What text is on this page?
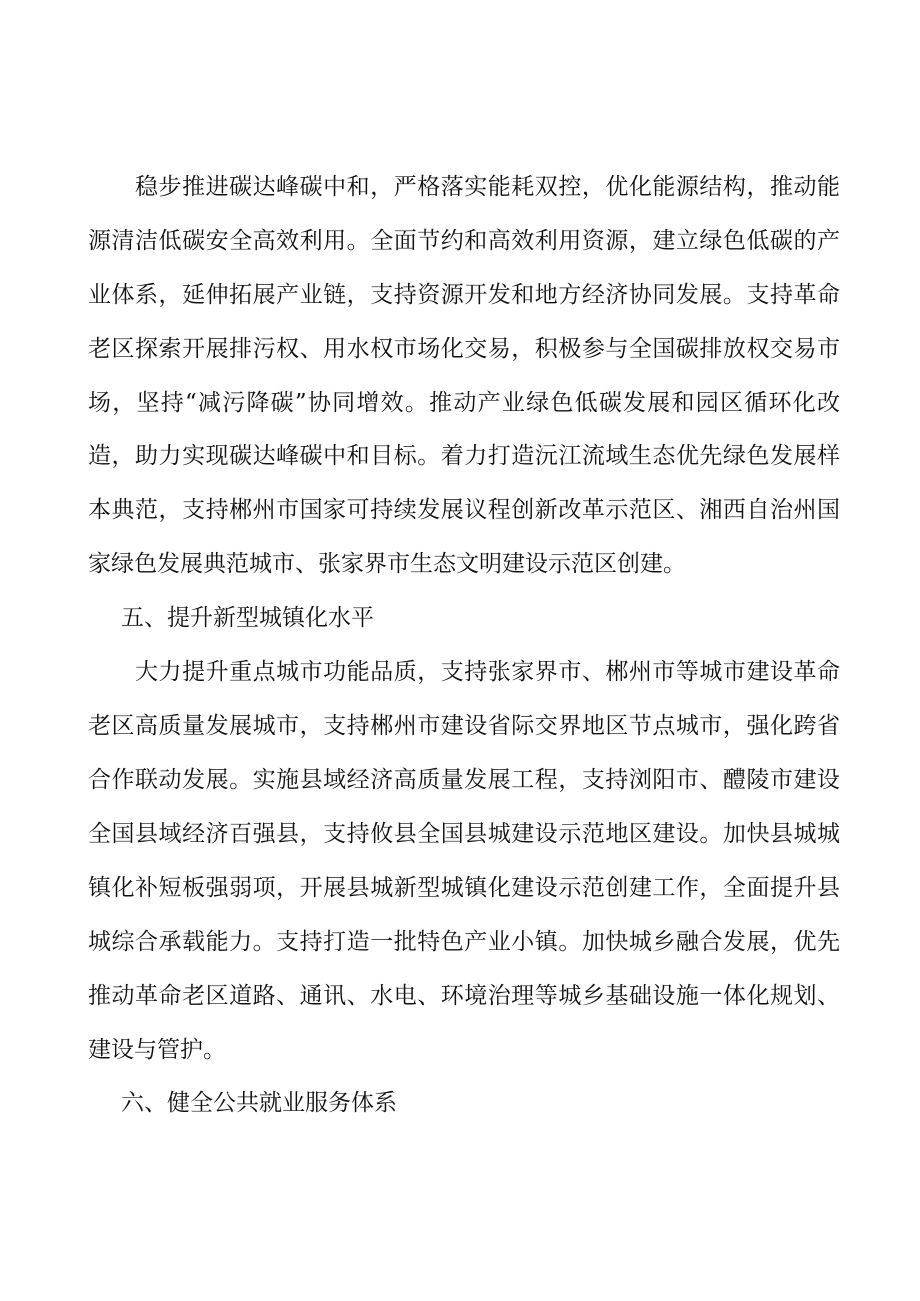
　　稳步推进碳达峰碳中和，严格落实能耗双控，优化能源结构，推动能
源清洁低碳安全高效利用。全面节约和高效利用资源，建立绿色低碳的产
业体系，延伸拓展产业链，支持资源开发和地方经济协同发展。支持革命
老区探索开展排污权、用水权市场化交易，积极参与全国碳排放权交易市
场，坚持“减污降碳”协同增效。推动产业绿色低碳发展和园区循环化改
造，助力实现碳达峰碳中和目标。着力打造沅江流域生态优先绿色发展样
本典范，支持郴州市国家可持续发展议程创新改革示范区、湘西自治州国
家绿色发展典范城市、张家界市生态文明建设示范区创建。
五、提升新型城镇化水平
　　大力提升重点城市功能品质，支持张家界市、郴州市等城市建设革命
老区高质量发展城市，支持郴州市建设省际交界地区节点城市，强化跨省
合作联动发展。实施县域经济高质量发展工程，支持浏阳市、醴陵市建设
全国县域经济百强县，支持攸县全国县城建设示范地区建设。加快县城城
镇化补短板强弱项，开展县城新型城镇化建设示范创建工作，全面提升县
城综合承载能力。支持打造一批特色产业小镇。加快城乡融合发展，优先
推动革命老区道路、通讯、水电、环境治理等城乡基础设施一体化规划、
建设与管护。
六、健全公共就业服务体系
